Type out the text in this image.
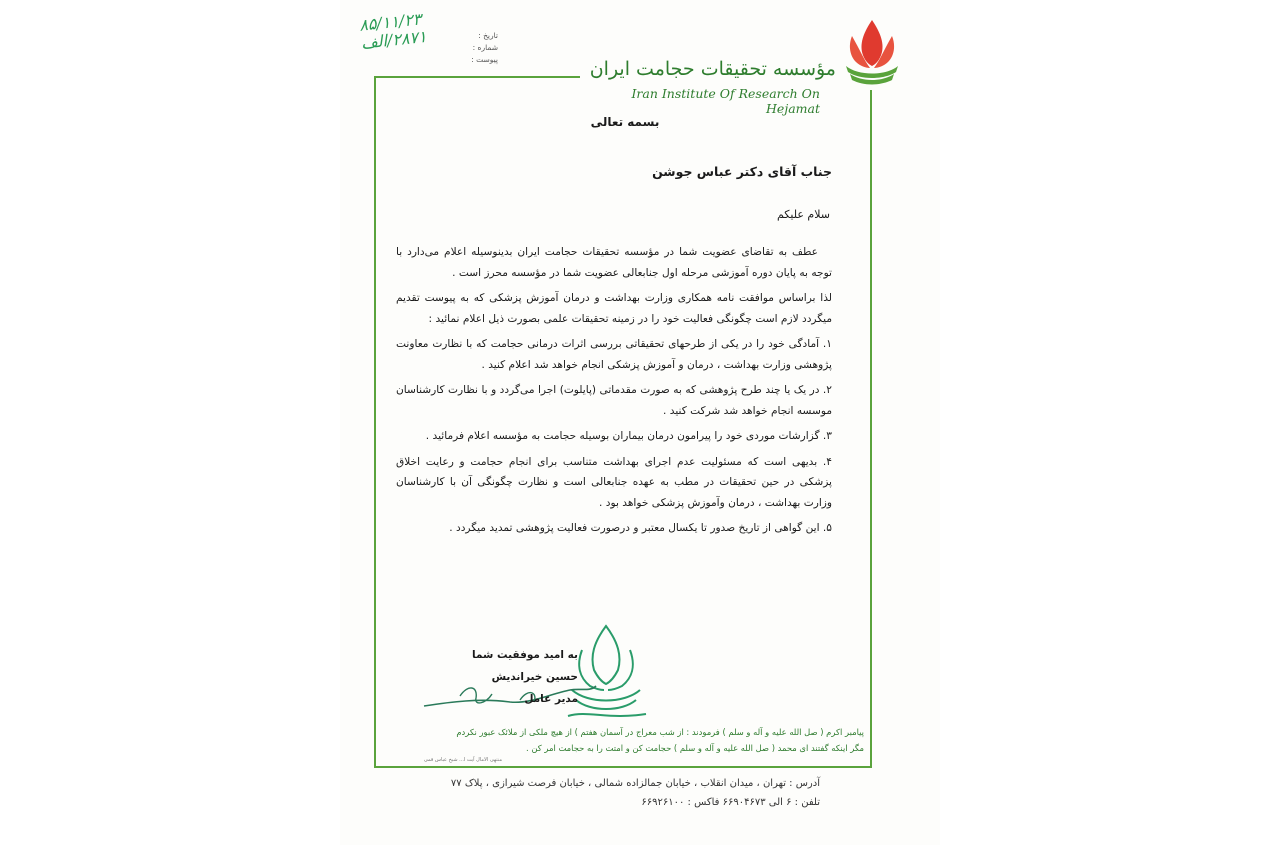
مؤسسه تحقیقات حجامت ایران
Iran Institute Of Research On Hejamat
تاریخ :
شماره :
پیوست :
۸۵/۱۱/۲۳
۲۸۷۱/الف
بسمه تعالی
جناب آقای دکتر عباس جوشن
سلام علیکم

عطف به تقاضای عضویت شما در مؤسسه تحقیقات حجامت ایران بدینوسیله اعلام می‌دارد با توجه به پایان دوره آموزشی مرحله اول جنابعالی عضویت شما در مؤسسه محرز است .

لذا براساس موافقت نامه همکاری وزارت بهداشت و درمان آموزش پزشکی که به پیوست تقدیم میگردد لازم است چگونگی فعالیت خود را در زمینه تحقیقات علمی بصورت ذیل اعلام نمائید :

۱. آمادگی خود را در یکی از طرحهای تحقیقاتی بررسی اثرات درمانی حجامت که با نظارت معاونت پژوهشی وزارت بهداشت ، درمان و آموزش پزشکی انجام خواهد شد اعلام کنید .

۲. در یک یا چند طرح پژوهشی که به صورت مقدماتی (پایلوت) اجرا می‌گردد و با نظارت کارشناسان موسسه انجام خواهد شد شرکت کنید .

۳. گزارشات موردی خود را پیرامون درمان بیماران بوسیله حجامت به مؤسسه اعلام فرمائید .

۴. بدیهی است که مسئولیت عدم اجرای بهداشت متناسب برای انجام حجامت و رعایت اخلاق پزشکی در حین تحقیقات در مطب به عهده جنابعالی است و نظارت چگونگی آن با کارشناسان وزارت بهداشت ، درمان وآموزش پزشکی خواهد بود .

۵. این گواهی از تاریخ صدور تا یکسال معتبر و درصورت فعالیت پژوهشی تمدید میگردد .

به امید موفقیت شما
حسین خیراندیش
مدیر عامل
پیامبر اکرم ( صل الله علیه و آله و سلم ) فرمودند : از شب معراج در آسمان هفتم ) از هیچ ملکی از ملائک عبور نکردم
مگر اینکه گفتند ای محمد ( صل الله علیه و آله و سلم ) حجامت کن و امتت را به حجامت امر کن .
منتهی الامال آیت ا... شیخ عباس قمی
آدرس : تهران ، میدان انقلاب ، خیابان جمالزاده شمالی ، خیابان فرصت شیرازی ، پلاک ۷۷
تلفن : ۶ الی ۶۶۹۰۴۶۷۳ فاکس : ۶۶۹۲۶۱۰۰
